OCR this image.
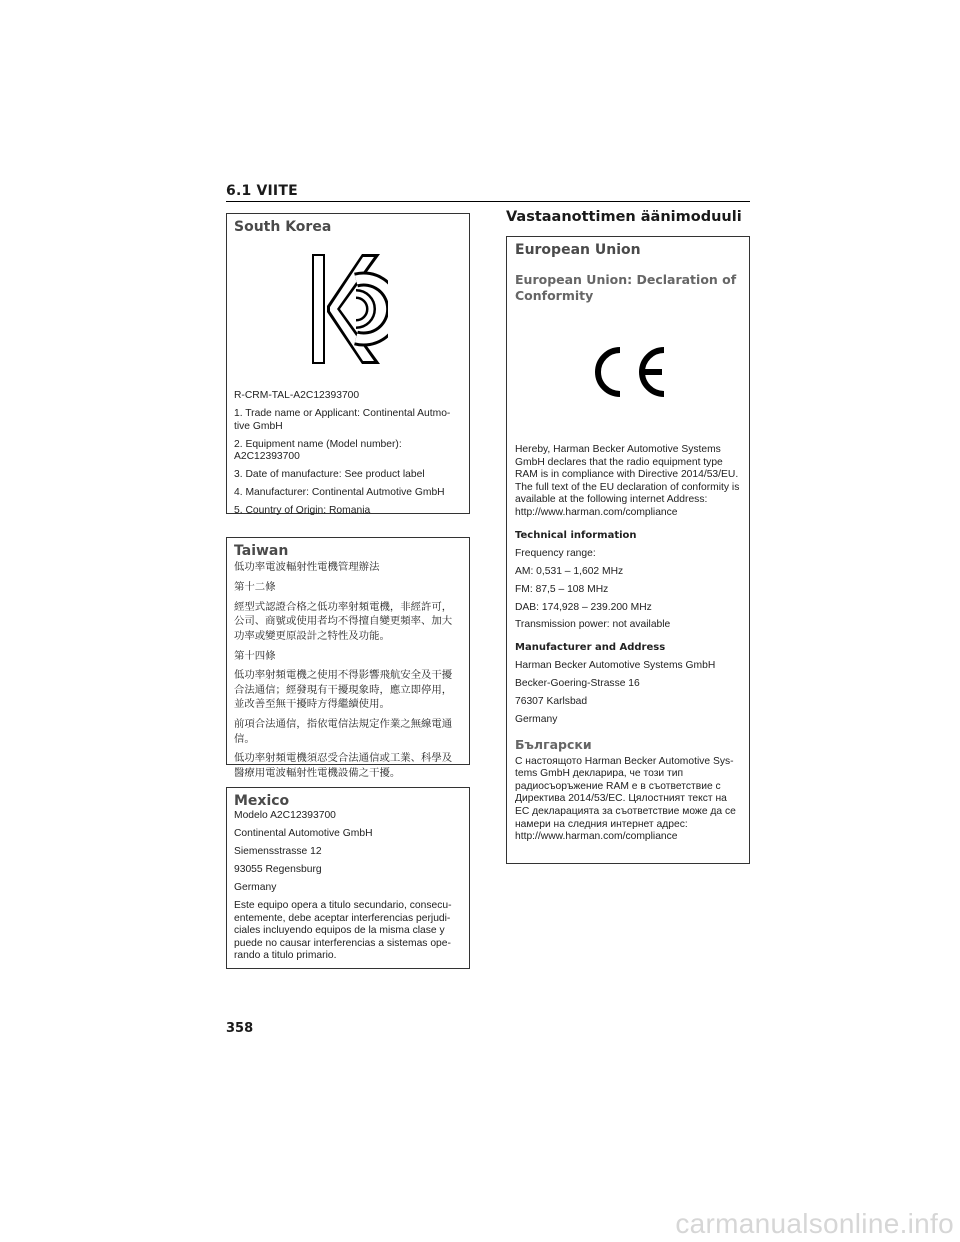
6.1 VIITE
South Korea

R-CRM-TAL-A2C12393700

1. Trade name or Applicant: Continental Autmo-tive GmbH

2. Equipment name (Model number): A2C12393700

3. Date of manufacture: See product label

4. Manufacturer: Continental Autmotive GmbH

5. Country of Origin: Romania

Taiwan

低功率電波輻射性電機管理辦法

第十二條

經型式認證合格之低功率射頻電機，非經許可，公司、商號或使用者均不得擅自變更頻率、加大功率或變更原設計之特性及功能。

第十四條

低功率射頻電機之使用不得影響飛航安全及干擾合法通信；經發現有干擾現象時，應立即停用，並改善至無干擾時方得繼續使用。

前項合法通信，指依電信法規定作業之無線電通信。

低功率射頻電機須忍受合法通信或工業、科學及醫療用電波輻射性電機設備之干擾。

Mexico

Modelo A2C12393700

Continental Automotive GmbH

Siemensstrasse 12

93055 Regensburg

Germany

Este equipo opera a titulo secundario, consecu-entemente, debe aceptar interferencias perjudi-ciales incluyendo equipos de la misma clase y puede no causar interferencias a sistemas ope-rando a titulo primario.

Vastaanottimen äänimoduuli
European Union
European Union: Declaration of Conformity

Hereby, Harman Becker Automotive Systems GmbH declares that the radio equipment type RAM is in compliance with Directive 2014/53/EU. The full text of the EU declaration of conformity is available at the following internet Address: http://www.harman.com/compliance

Technical information

Frequency range:

AM: 0,531 – 1,602 MHz

FM: 87,5 – 108 MHz

DAB: 174,928 – 239.200 MHz

Transmission power: not available

Manufacturer and Address

Harman Becker Automotive Systems GmbH

Becker-Goering-Strasse 16

76307 Karlsbad

Germany

Български

С настоящото Harman Becker Automotive Sys-tems GmbH декларира, че този тип радиосъоръжение RAM е в съответствие с Директива 2014/53/ЕС. Цялостният текст на ЕС декларацията за съответствие може да се намери на следния интернет адрес: http://www.harman.com/compliance

358
carmanualsonline.info
